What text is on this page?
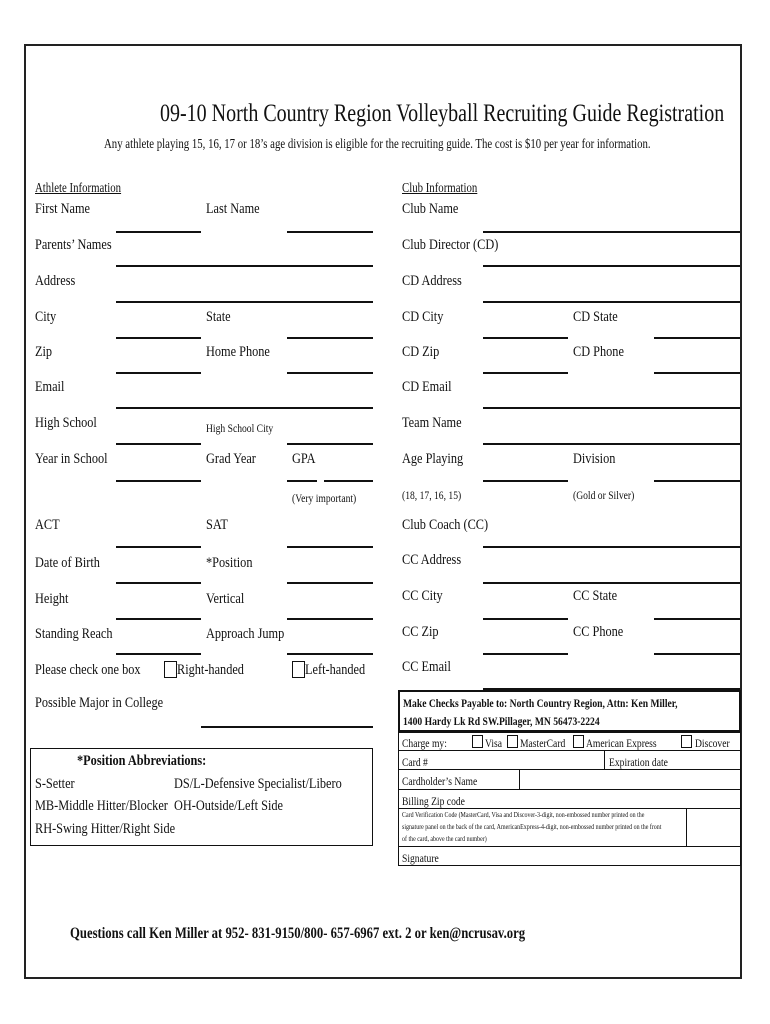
09-10 North Country Region Volleyball Recruiting Guide Registration
Any athlete playing 15, 16, 17 or 18’s age division is eligible for the recruiting guide. The cost is $10 per year for information.
Athlete Information
First Name	Last Name
Parents’ Names
Address
City	State
Zip	Home Phone
Email
High School	High School City
Year in School	Grad Year GPA
(Very important)
ACT	SAT
Date of Birth	*Position
Height	Vertical
Standing Reach	Approach Jump
Please check one box Right-handed	Left-handed
Possible Major in College
*Position Abbreviations:
S-Setter	DS/L-Defensive Specialist/Libero
MB-Middle Hitter/Blocker OH-Outside/Left Side
RH-Swing Hitter/Right Side
Club Information
Club Name
Club Director (CD)
CD Address
CD City	CD State
CD Zip	CD Phone
CD Email
Team Name
Age Playing	Division
(18, 17, 16, 15)	(Gold or Silver)
Club Coach (CC)
CC Address
CC City	CC State
CC Zip	CC Phone
CC Email
Make Checks Payable to: North Country Region, Attn: Ken Miller,
1400 Hardy Lk Rd SW.Pillager, MN 56473-2224
Charge my:	Visa MasterCard American Express	Discover
Card #	Expiration date
Cardholder’s Name
Billing Zip code
Card Verification Code (MasterCard, Visa and Discover-3-digit, non-embossed number printed on the
signature panel on the back of the card, AmericanExpress-4-digit, non-embossed number printed on the front
of the card, above the card number)
Signature
Questions call Ken Miller at 952- 831-9150/800- 657-6967 ext. 2 or ken@ncrusav.org
